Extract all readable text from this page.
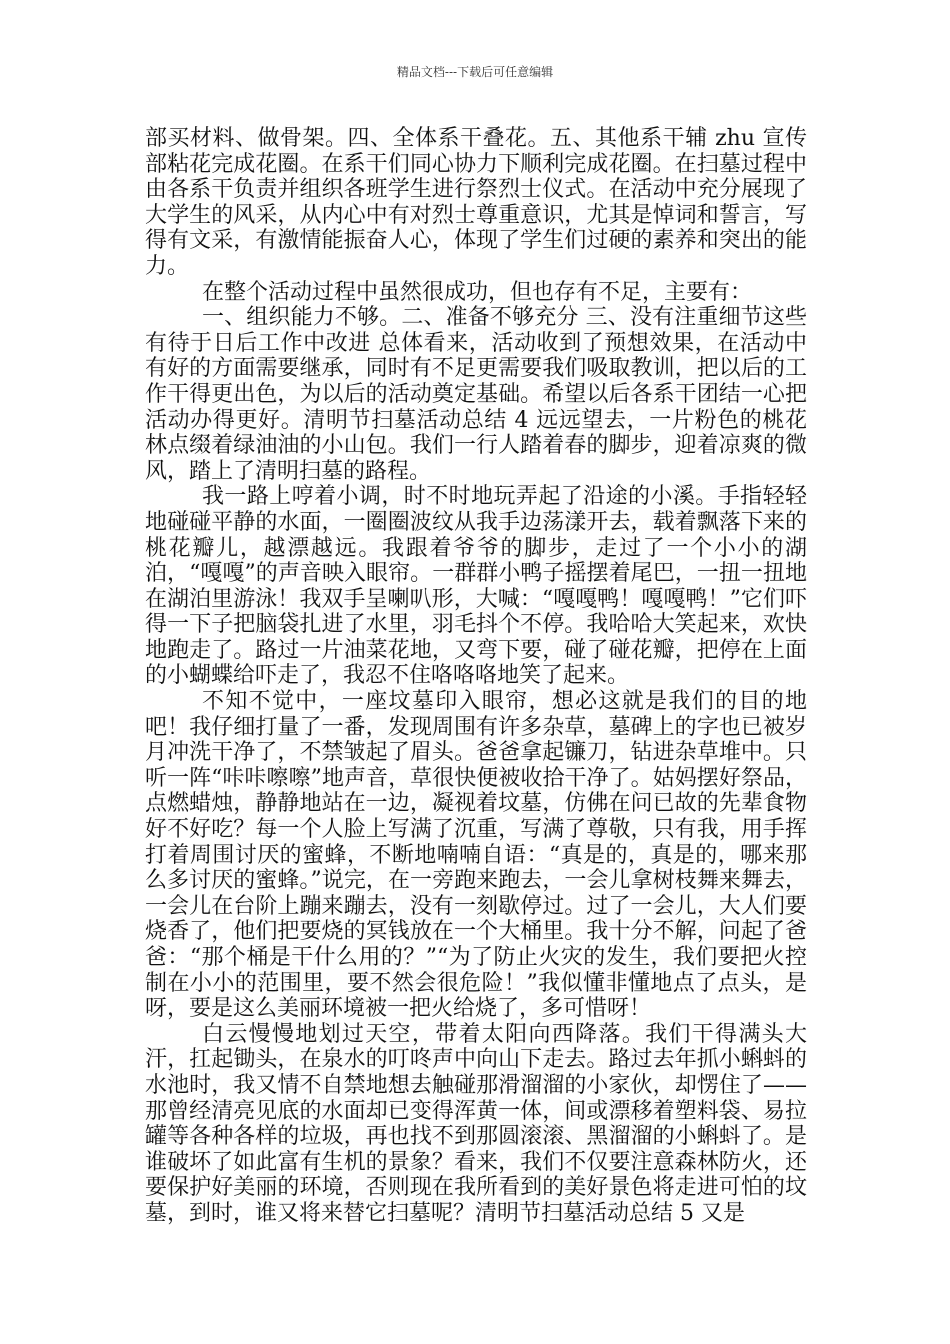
精品文档---下载后可任意编辑

部买材料、做骨架。四、全体系干叠花。五、其他系干辅 zhu 宣传部粘花完成花圈。在系干们同心协力下顺利完成花圈。在扫墓过程中由各系干负责并组织各班学生进行祭烈士仪式。在活动中充分展现了大学生的风采，从内心中有对烈士尊重意识，尤其是悼词和誓言，写得有文采，有激情能振奋人心，体现了学生们过硬的素养和突出的能力。

在整个活动过程中虽然很成功，但也存有不足，主要有：

一、组织能力不够。二、准备不够充分 三、没有注重细节这些有待于日后工作中改进 总体看来，活动收到了预想效果，在活动中有好的方面需要继承，同时有不足更需要我们吸取教训，把以后的工作干得更出色，为以后的活动奠定基础。希望以后各系干团结一心把活动办得更好。清明节扫墓活动总结 4 远远望去，一片粉色的桃花林点缀着绿油油的小山包。我们一行人踏着春的脚步，迎着凉爽的微风，踏上了清明扫墓的路程。

我一路上哼着小调，时不时地玩弄起了沿途的小溪。手指轻轻地碰碰平静的水面，一圈圈波纹从我手边荡漾开去，载着飘落下来的桃花瓣儿，越漂越远。我跟着爷爷的脚步，走过了一个小小的湖泊，“嘎嘎”的声音映入眼帘。一群群小鸭子摇摆着尾巴，一扭一扭地在湖泊里游泳！我双手呈喇叭形，大喊：“嘎嘎鸭！嘎嘎鸭！”它们吓得一下子把脑袋扎进了水里，羽毛抖个不停。我哈哈大笑起来，欢快地跑走了。路过一片油菜花地，又弯下要，碰了碰花瓣，把停在上面的小蝴蝶给吓走了，我忍不住咯咯咯地笑了起来。

不知不觉中，一座坟墓印入眼帘，想必这就是我们的目的地吧！我仔细打量了一番，发现周围有许多杂草，墓碑上的字也已被岁月冲洗干净了，不禁皱起了眉头。爸爸拿起镰刀，钻进杂草堆中。只听一阵“咔咔嚓嚓”地声音，草很快便被收拾干净了。姑妈摆好祭品，点燃蜡烛，静静地站在一边，凝视着坟墓，仿佛在问已故的先辈食物好不好吃？每一个人脸上写满了沉重，写满了尊敬，只有我，用手挥打着周围讨厌的蜜蜂，不断地喃喃自语：“真是的，真是的，哪来那么多讨厌的蜜蜂。”说完，在一旁跑来跑去，一会儿拿树枝舞来舞去，一会儿在台阶上蹦来蹦去，没有一刻歇停过。过了一会儿，大人们要烧香了，他们把要烧的冥钱放在一个大桶里。我十分不解，问起了爸爸：“那个桶是干什么用的？”“为了防止火灾的发生，我们要把火控制在小小的范围里，要不然会很危险！”我似懂非懂地点了点头，是呀，要是这么美丽环境被一把火给烧了，多可惜呀！

白云慢慢地划过天空，带着太阳向西降落。我们干得满头大汗，扛起锄头，在泉水的叮咚声中向山下走去。路过去年抓小蝌蚪的水池时，我又情不自禁地想去触碰那滑溜溜的小家伙，却愣住了——那曾经清亮见底的水面却已变得浑黄一体，间或漂移着塑料袋、易拉罐等各种各样的垃圾，再也找不到那圆滚滚、黑溜溜的小蝌蚪了。是谁破坏了如此富有生机的景象？看来，我们不仅要注意森林防火，还要保护好美丽的环境，否则现在我所看到的美好景色将走进可怕的坟墓，到时，谁又将来替它扫墓呢？清明节扫墓活动总结 5 又是
